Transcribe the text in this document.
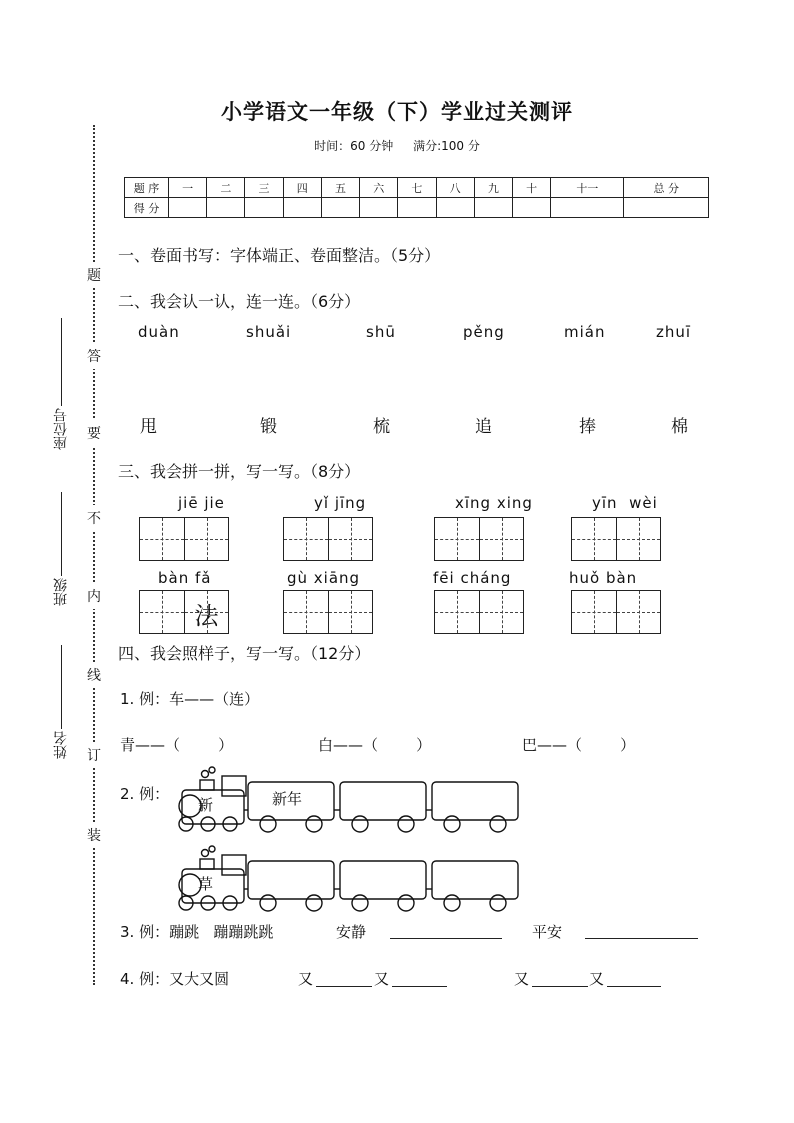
小学语文一年级（下）学业过关测评
时间：60 分钟 满分:100 分
题
答
要
不
内
线
订
装
座位号
班级
姓名
题 序	一	二	三	四	五	六	七	八	九	十	十一	总 分
得 分												
一、卷面书写：字体端正、卷面整洁。（5分）
二、我会认一认，连一连。（6分）
duàn	shuǎi	shū	pěng	mián	zhuī
甩	锻	梳	追	捧	棉
三、我会拼一拼，写一写。（8分）
jiē jie	yǐ jīng	xīng xing	yīn  wèi
bàn fǎ	gù xiāng	fēi cháng	huǒ bàn
法
四、我会照样子，写一写。（12分）
1. 例：车——（连）
青——（        ）	白——（        ）	巴——（        ）
2. 例：
新	新年
草
3. 例：蹦跳   蹦蹦跳跳	安静	平安
4. 例：又大又圆	又	又	又	又
